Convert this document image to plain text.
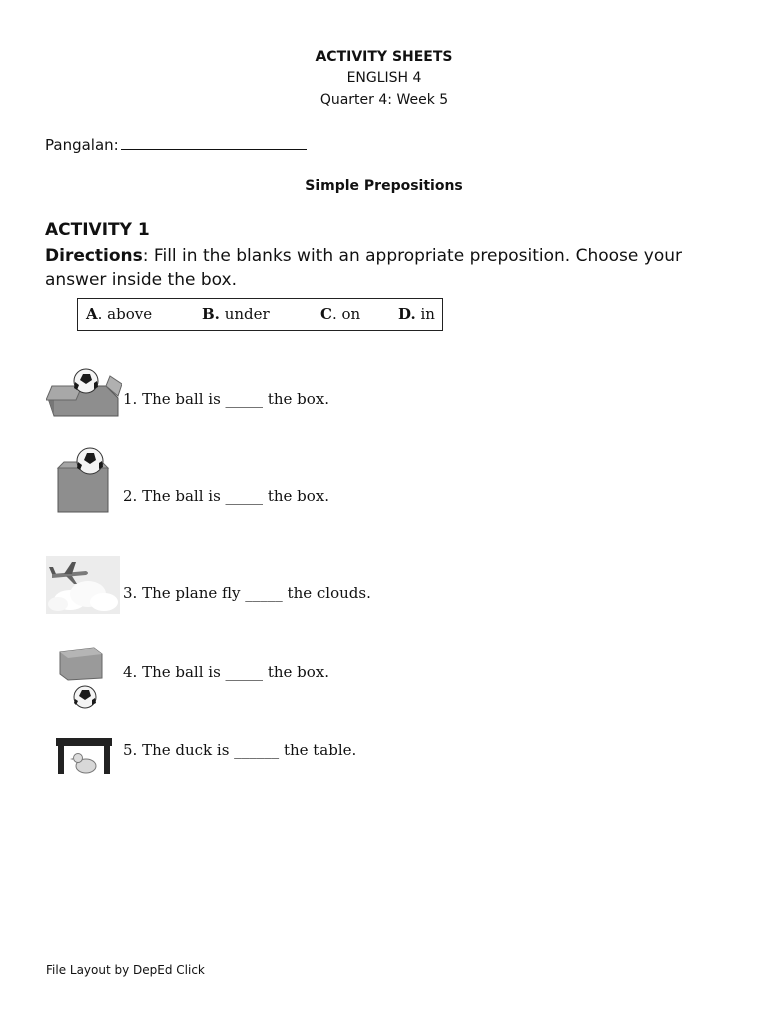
ACTIVITY SHEETS
ENGLISH 4
Quarter 4: Week 5
Pangalan:
Simple Prepositions
ACTIVITY 1
Directions: Fill in the blanks with an appropriate preposition. Choose your answer inside the box.
A. above	B. under	C. on	D. in
1. The ball is _____ the box.
2. The ball is _____ the box.
3. The plane fly _____ the clouds.
4. The ball is _____ the box.
5. The duck is ______ the table.
File Layout by DepEd Click
